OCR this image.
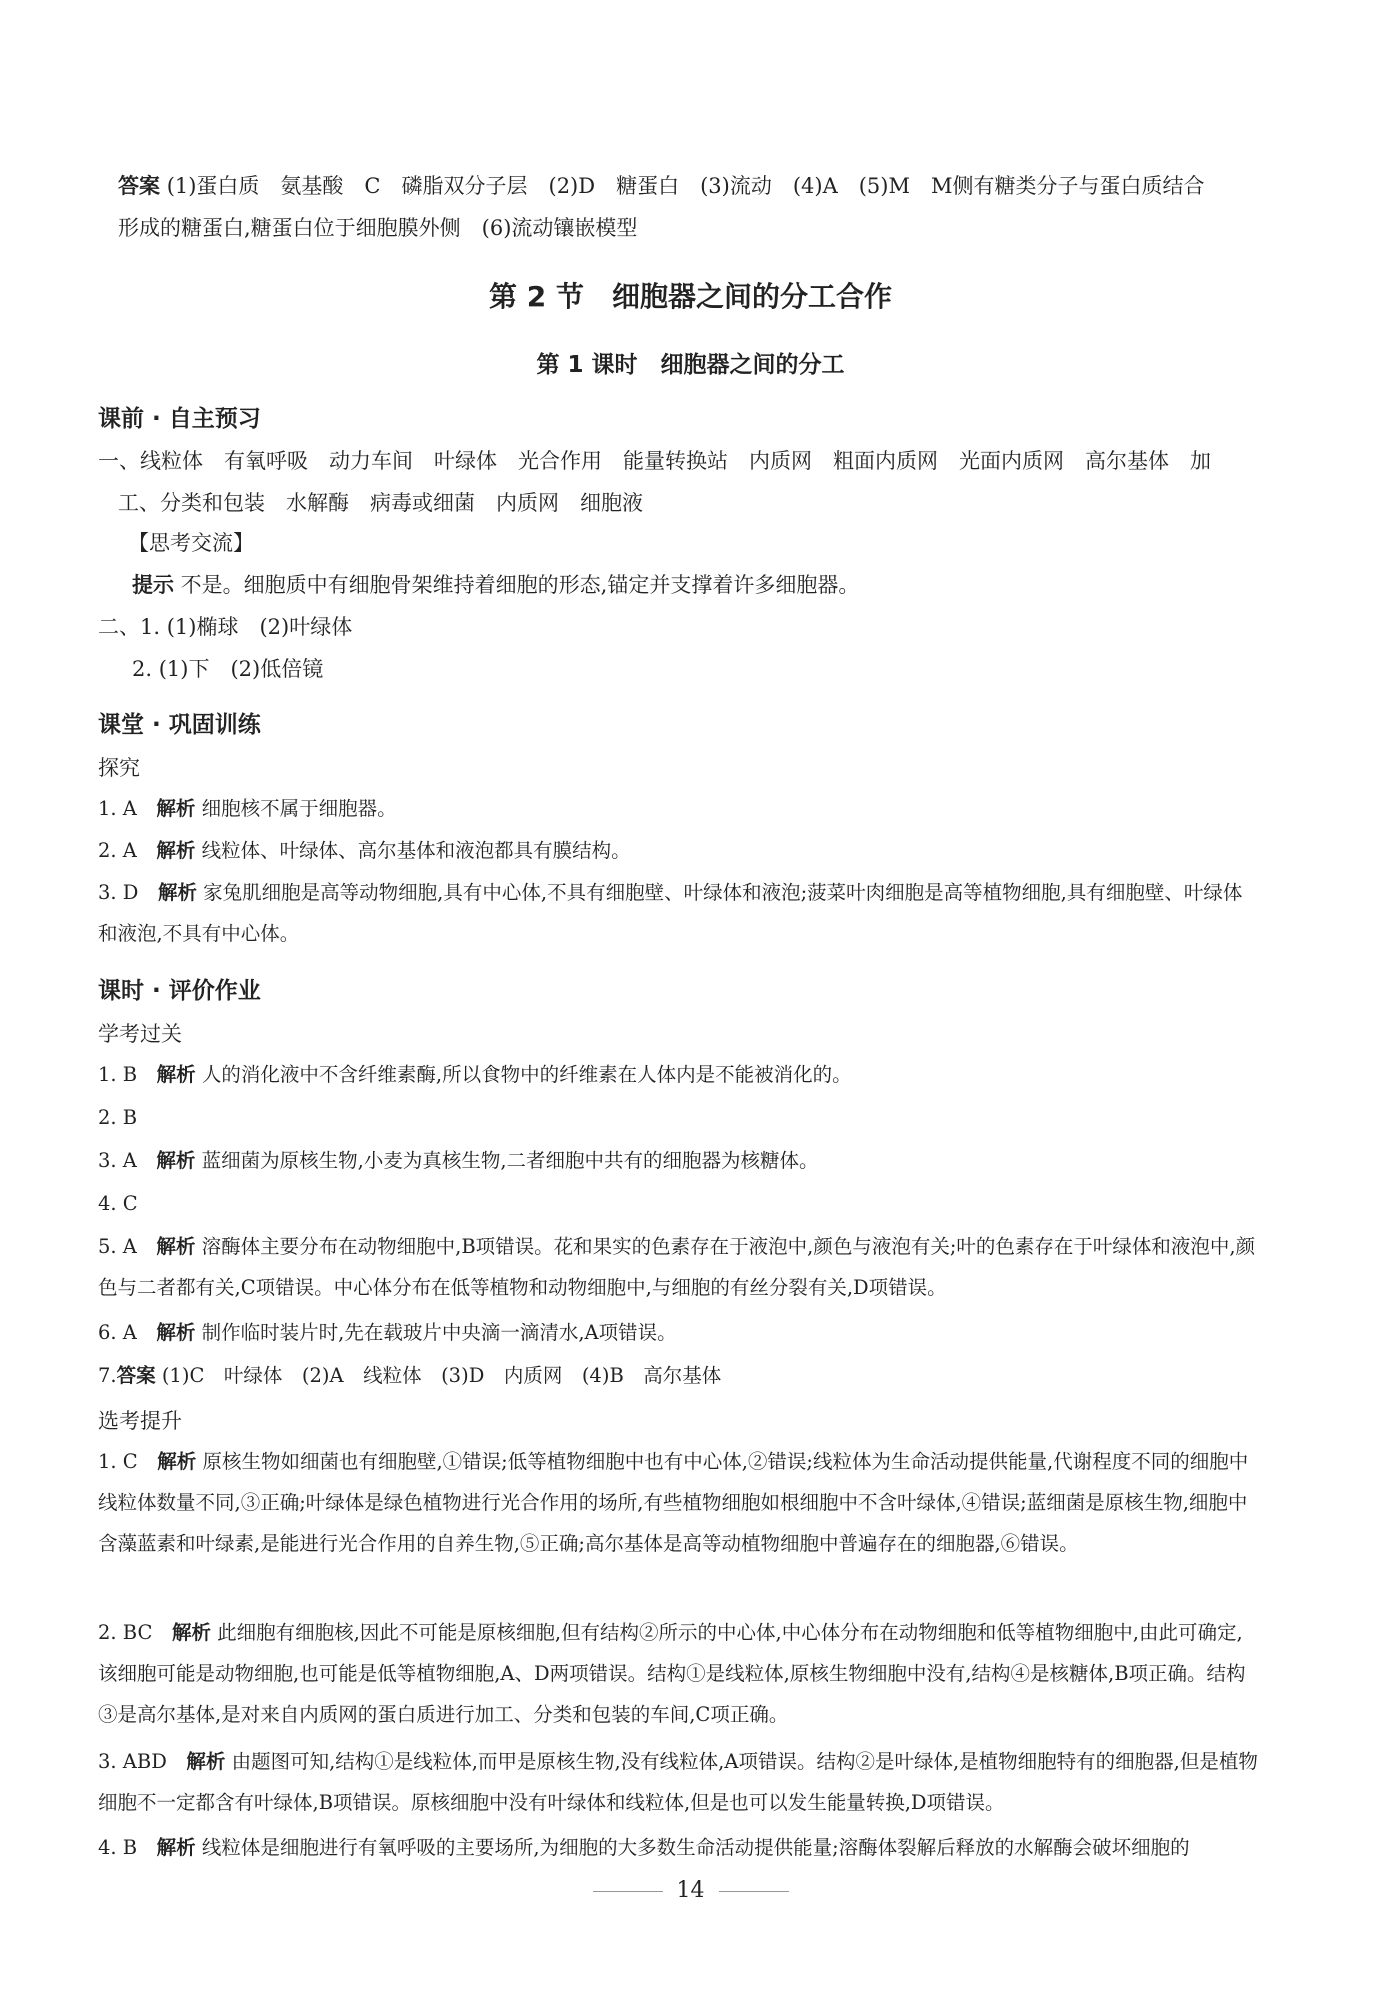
答案 (1)蛋白质　氨基酸　C　磷脂双分子层　(2)D　糖蛋白　(3)流动　(4)A　(5)M　M侧有糖类分子与蛋白质结合
形成的糖蛋白,糖蛋白位于细胞膜外侧　(6)流动镶嵌模型

第 2 节　细胞器之间的分工合作
第 1 课时　细胞器之间的分工
课前 · 自主预习

一、线粒体　有氧呼吸　动力车间　叶绿体　光合作用　能量转换站　内质网　粗面内质网　光面内质网　高尔基体　加
工、分类和包装　水解酶　病毒或细菌　内质网　细胞液

【思考交流】
提示 不是。细胞质中有细胞骨架维持着细胞的形态,锚定并支撑着许多细胞器。
二、1. (1)椭球　(2)叶绿体
2. (1)下　(2)低倍镜
课堂 · 巩固训练
探究

1. A　 解析 细胞核不属于细胞器。

2. A　 解析 线粒体、叶绿体、高尔基体和液泡都具有膜结构。

3. D　 解析 家兔肌细胞是高等动物细胞,具有中心体,不具有细胞壁、叶绿体和液泡;菠菜叶肉细胞是高等植物细胞,具有细胞壁、叶绿体和液泡,不具有中心体。

课时 · 评价作业
学考过关

1. B　 解析 人的消化液中不含纤维素酶,所以食物中的纤维素在人体内是不能被消化的。

2. B

3. A　 解析 蓝细菌为原核生物,小麦为真核生物,二者细胞中共有的细胞器为核糖体。

4. C

5. A　 解析 溶酶体主要分布在动物细胞中,B项错误。花和果实的色素存在于液泡中,颜色与液泡有关;叶的色素存在于叶绿体和液泡中,颜色与二者都有关,C项错误。中心体分布在低等植物和动物细胞中,与细胞的有丝分裂有关,D项错误。

6. A　 解析 制作临时装片时,先在载玻片中央滴一滴清水,A项错误。

7.答案 (1)C　叶绿体　(2)A　线粒体　(3)D　内质网　(4)B　高尔基体

选考提升

1. C　 解析 原核生物如细菌也有细胞壁,①错误;低等植物细胞中也有中心体,②错误;线粒体为生命活动提供能量,代谢程度不同的细胞中线粒体数量不同,③正确;叶绿体是绿色植物进行光合作用的场所,有些植物细胞如根细胞中不含叶绿体,④错误;蓝细菌是原核生物,细胞中含藻蓝素和叶绿素,是能进行光合作用的自养生物,⑤正确;高尔基体是高等动植物细胞中普遍存在的细胞器,⑥错误。

2. BC　 解析 此细胞有细胞核,因此不可能是原核细胞,但有结构②所示的中心体,中心体分布在动物细胞和低等植物细胞中,由此可确定,该细胞可能是动物细胞,也可能是低等植物细胞,A、D两项错误。结构①是线粒体,原核生物细胞中没有,结构④是核糖体,B项正确。结构③是高尔基体,是对来自内质网的蛋白质进行加工、分类和包装的车间,C项正确。

3. ABD　 解析 由题图可知,结构①是线粒体,而甲是原核生物,没有线粒体,A项错误。结构②是叶绿体,是植物细胞特有的细胞器,但是植物细胞不一定都含有叶绿体,B项错误。原核细胞中没有叶绿体和线粒体,但是也可以发生能量转换,D项错误。

4. B　 解析 线粒体是细胞进行有氧呼吸的主要场所,为细胞的大多数生命活动提供能量;溶酶体裂解后释放的水解酶会破坏细胞的

14
